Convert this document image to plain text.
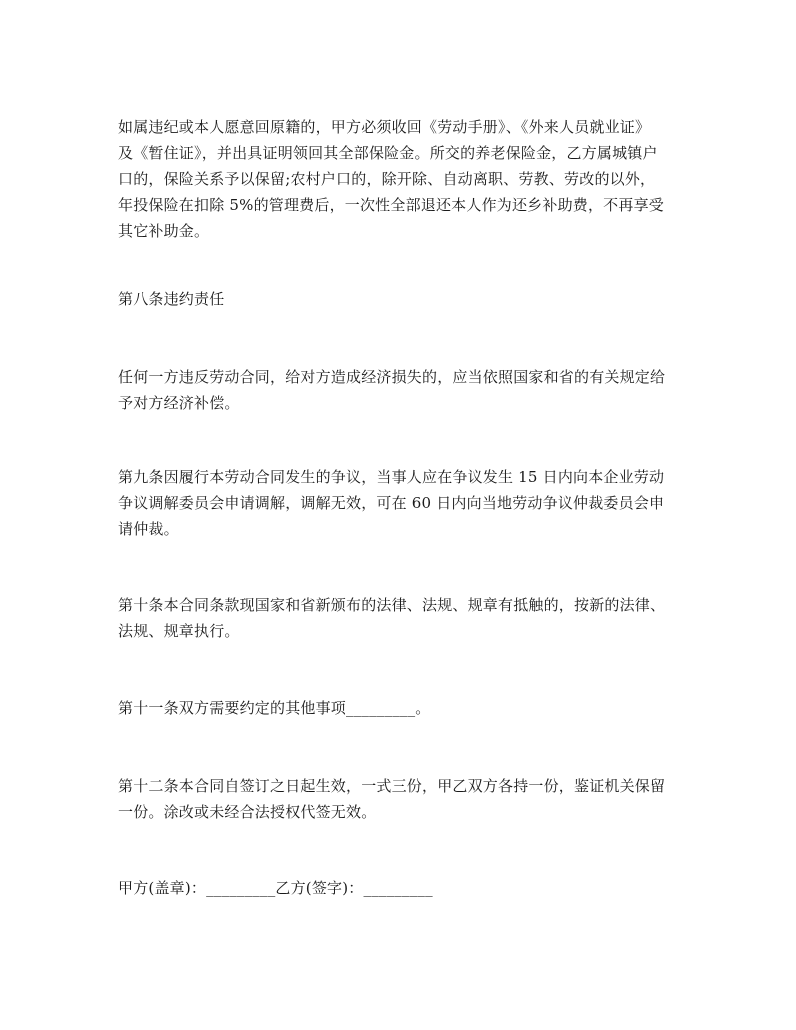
如属违纪或本人愿意回原籍的，甲方必须收回《劳动手册》、《外来人员就业证》
及《暂住证》，并出具证明领回其全部保险金。所交的养老保险金，乙方属城镇户
口的，保险关系予以保留;农村户口的，除开除、自动离职、劳教、劳改的以外，
年投保险在扣除 5%的管理费后，一次性全部退还本人作为还乡补助费，不再享受
其它补助金。

第八条违约责任

任何一方违反劳动合同，给对方造成经济损失的，应当依照国家和省的有关规定给
予对方经济补偿。

第九条因履行本劳动合同发生的争议，当事人应在争议发生 15 日内向本企业劳动
争议调解委员会申请调解，调解无效，可在 60 日内向当地劳动争议仲裁委员会申
请仲裁。

第十条本合同条款现国家和省新颁布的法律、法规、规章有抵触的，按新的法律、
法规、规章执行。

第十一条双方需要约定的其他事项_________。

第十二条本合同自签订之日起生效，一式三份，甲乙双方各持一份，鉴证机关保留
一份。涂改或未经合法授权代签无效。

甲方(盖章)：_________乙方(签字)：_________
